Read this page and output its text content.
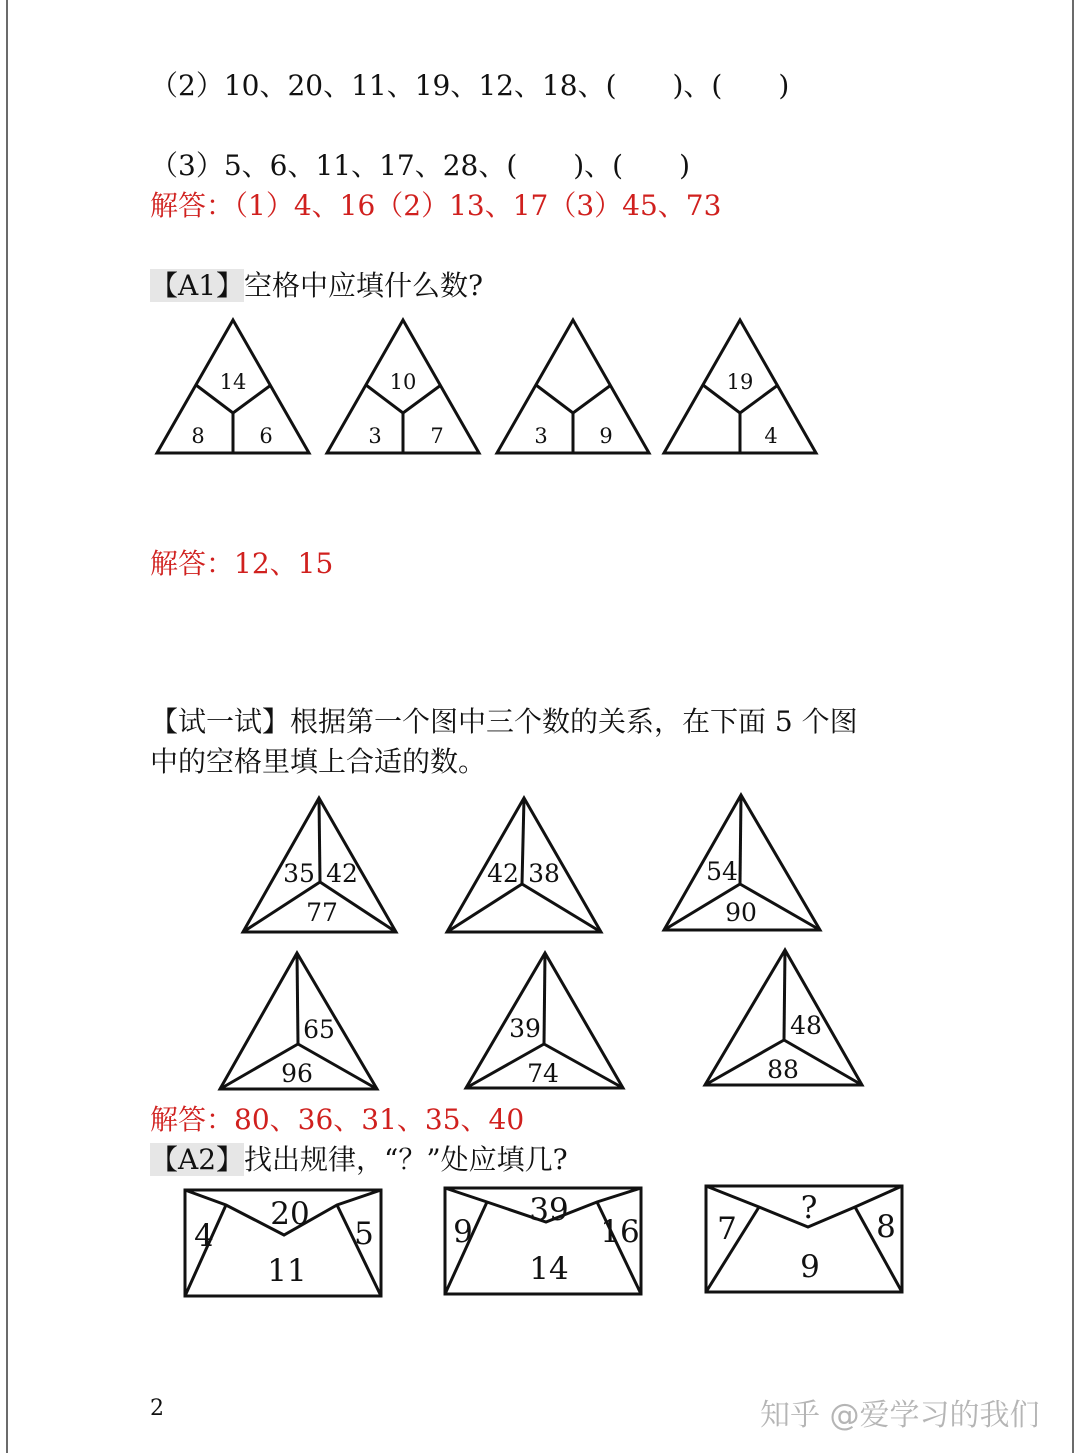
（2）10、20、11、19、12、18、(　　)、(　　)
（3）5、6、11、17、28、(　　)、(　　)
解答：（1）4、16（2）13、17（3）45、73
【A1】空格中应填什么数?
解答：12、15
【试一试】根据第一个图中三个数的关系，在下面 5 个图
中的空格里填上合适的数。
解答：80、36、31、35、40
【A2】找出规律，“？”处应填几?
14
8	6
10
3 7	3 9
19
4
35 42
77
42 38	54
90
65
96
39
74
48
88
20
4	5
11
39
9	16
14
?
7	8
9
2	知乎 @爱学习的我们
